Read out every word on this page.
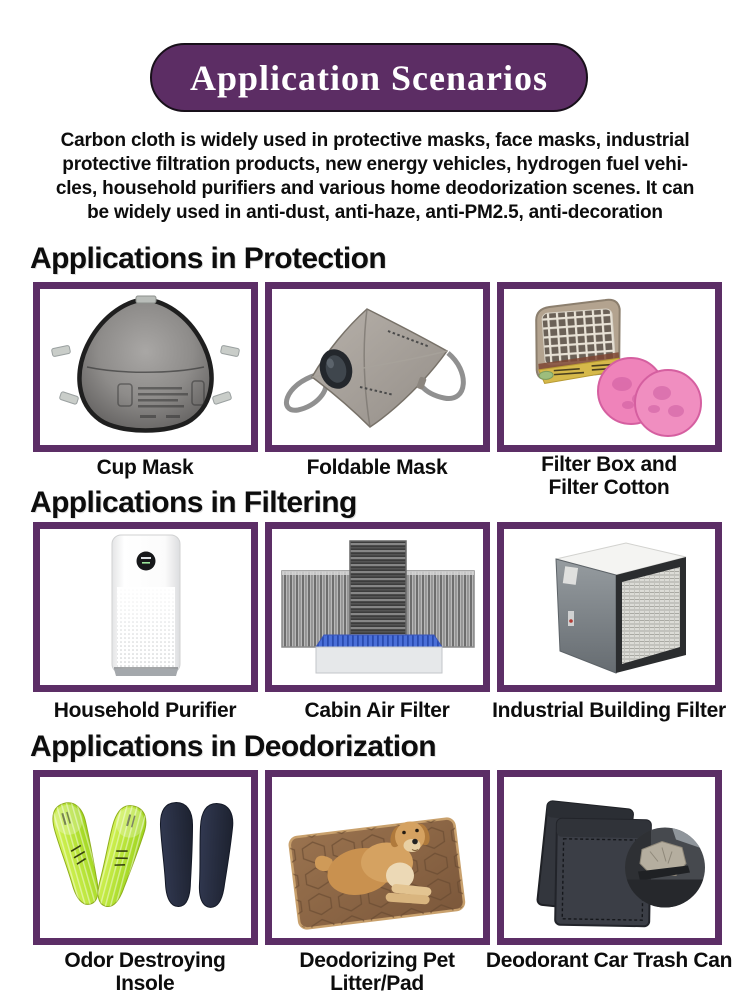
Application Scenarios
Carbon cloth is widely used in protective masks, face masks, industrial
protective filtration products, new energy vehicles, hydrogen fuel vehi-
cles, household purifiers and various home deodorization scenes. It can
be widely used in anti-dust, anti-haze, anti-PM2.5, anti-decoration
Applications in Protection
Applications in Filtering
Applications in Deodorization
Cup Mask	Foldable Mask	Filter Box and
Filter Cotton
Household Purifier	Cabin Air Filter Industrial Building Filter
Odor Destroying
Insole
Deodorizing Pet
Litter/Pad
Deodorant Car Trash Can
